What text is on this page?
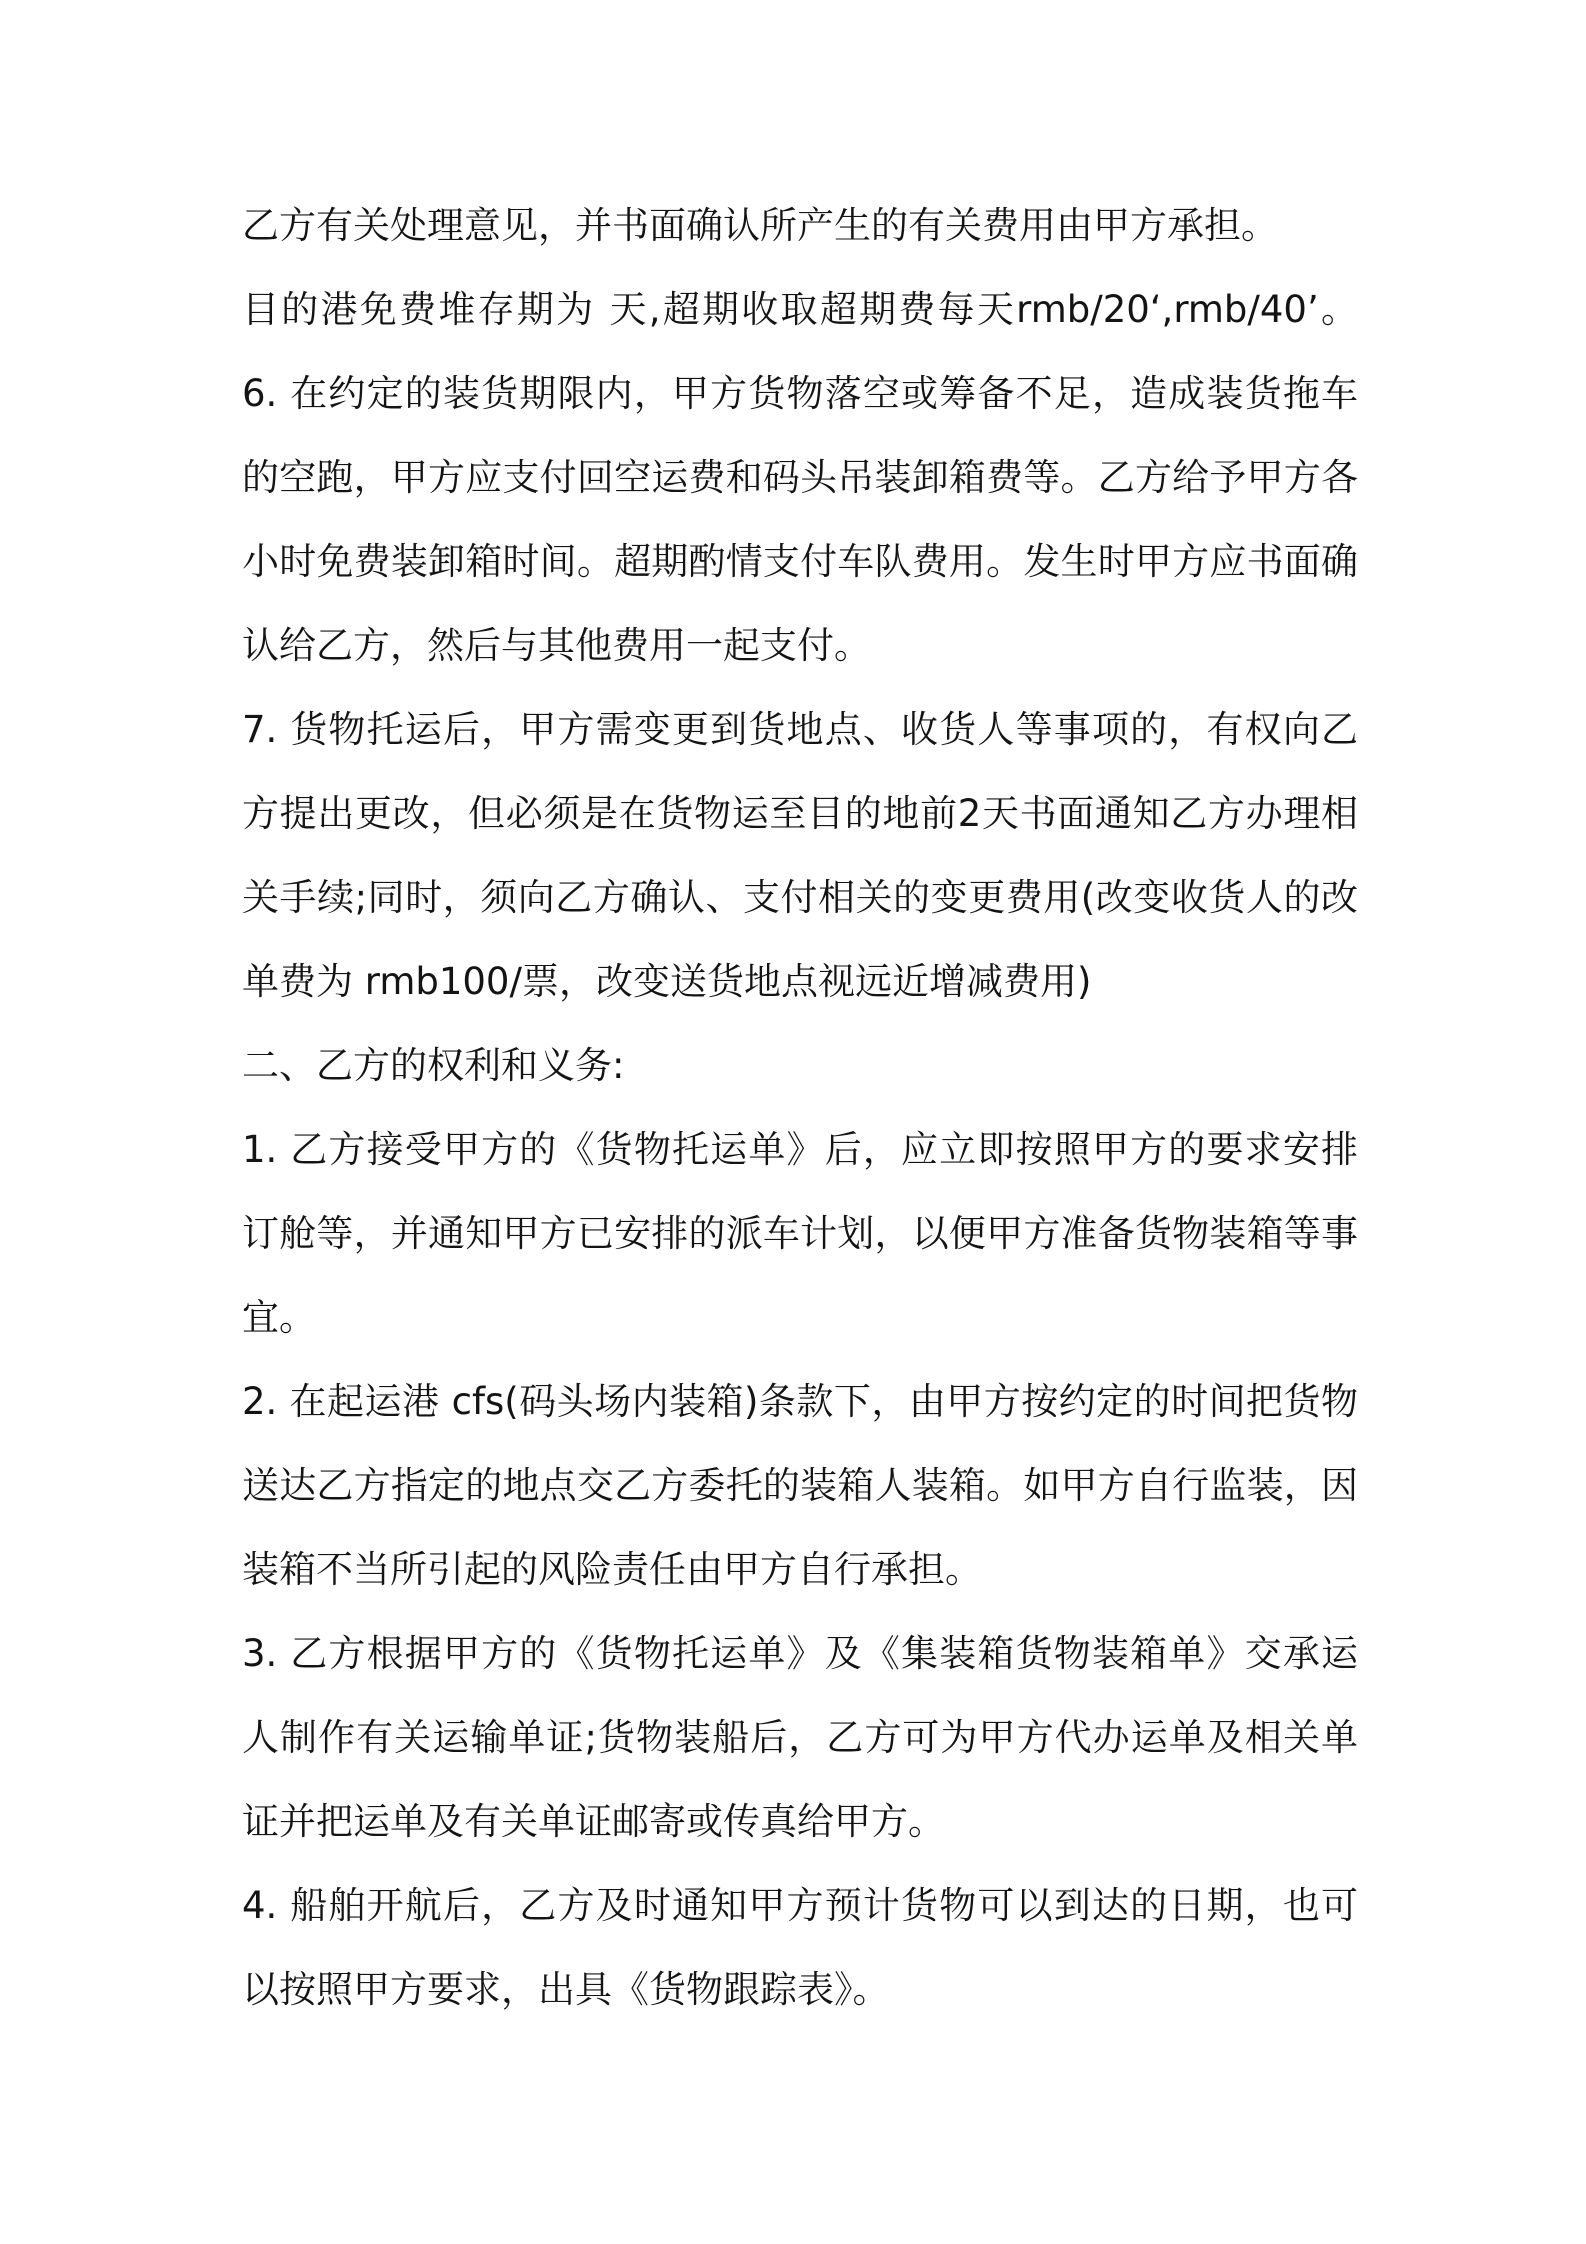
乙方有关处理意见，并书面确认所产生的有关费用由甲方承担。
目的港免费堆存期为 天,超期收取超期费每天rmb/20‘,rmb/40’。
6. 在约定的装货期限内，甲方货物落空或筹备不足，造成装货拖车
的空跑，甲方应支付回空运费和码头吊装卸箱费等。乙方给予甲方各
小时免费装卸箱时间。超期酌情支付车队费用。发生时甲方应书面确
认给乙方，然后与其他费用一起支付。
7. 货物托运后，甲方需变更到货地点、收货人等事项的，有权向乙
方提出更改，但必须是在货物运至目的地前2天书面通知乙方办理相
关手续;同时，须向乙方确认、支付相关的变更费用(改变收货人的改
单费为 rmb100/票，改变送货地点视远近增减费用)
二、乙方的权利和义务:
1. 乙方接受甲方的《货物托运单》后，应立即按照甲方的要求安排
订舱等，并通知甲方已安排的派车计划，以便甲方准备货物装箱等事
宜。
2. 在起运港 cfs(码头场内装箱)条款下，由甲方按约定的时间把货物
送达乙方指定的地点交乙方委托的装箱人装箱。如甲方自行监装，因
装箱不当所引起的风险责任由甲方自行承担。
3. 乙方根据甲方的《货物托运单》及《集装箱货物装箱单》交承运
人制作有关运输单证;货物装船后，乙方可为甲方代办运单及相关单
证并把运单及有关单证邮寄或传真给甲方。
4. 船舶开航后，乙方及时通知甲方预计货物可以到达的日期，也可
以按照甲方要求，出具《货物跟踪表》。
